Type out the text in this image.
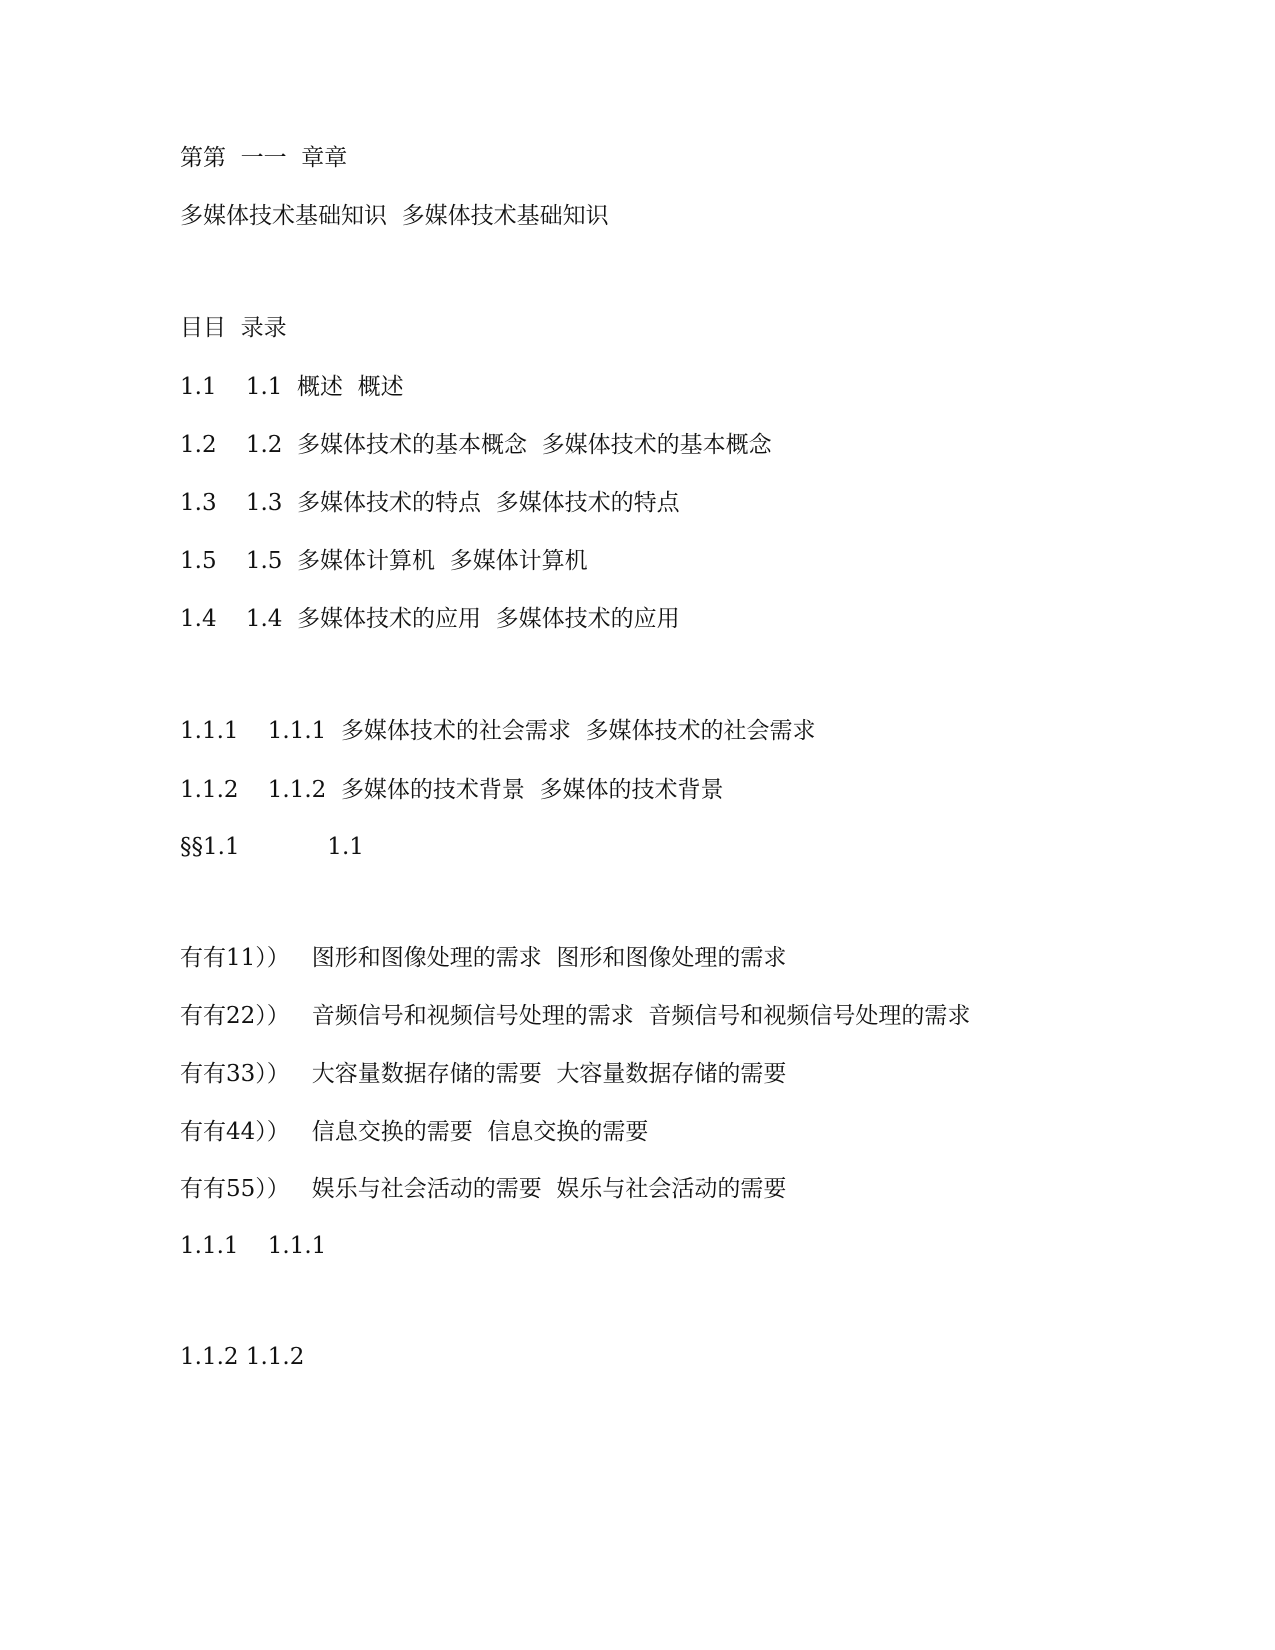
第第  一一  章章
多媒体技术基础知识  多媒体技术基础知识
目目  录录
1.1    1.1  概述  概述
1.2    1.2  多媒体技术的基本概念  多媒体技术的基本概念
1.3    1.3  多媒体技术的特点  多媒体技术的特点
1.5    1.5  多媒体计算机  多媒体计算机
1.4    1.4  多媒体技术的应用  多媒体技术的应用
1.1.1    1.1.1  多媒体技术的社会需求  多媒体技术的社会需求
1.1.2    1.1.2  多媒体的技术背景  多媒体的技术背景
§§1.1            1.1
有有11））   图形和图像处理的需求  图形和图像处理的需求
有有22））   音频信号和视频信号处理的需求  音频信号和视频信号处理的需求
有有33））   大容量数据存储的需要  大容量数据存储的需要
有有44））   信息交换的需要  信息交换的需要
有有55））   娱乐与社会活动的需要  娱乐与社会活动的需要
1.1.1    1.1.1
1.1.2 1.1.2
